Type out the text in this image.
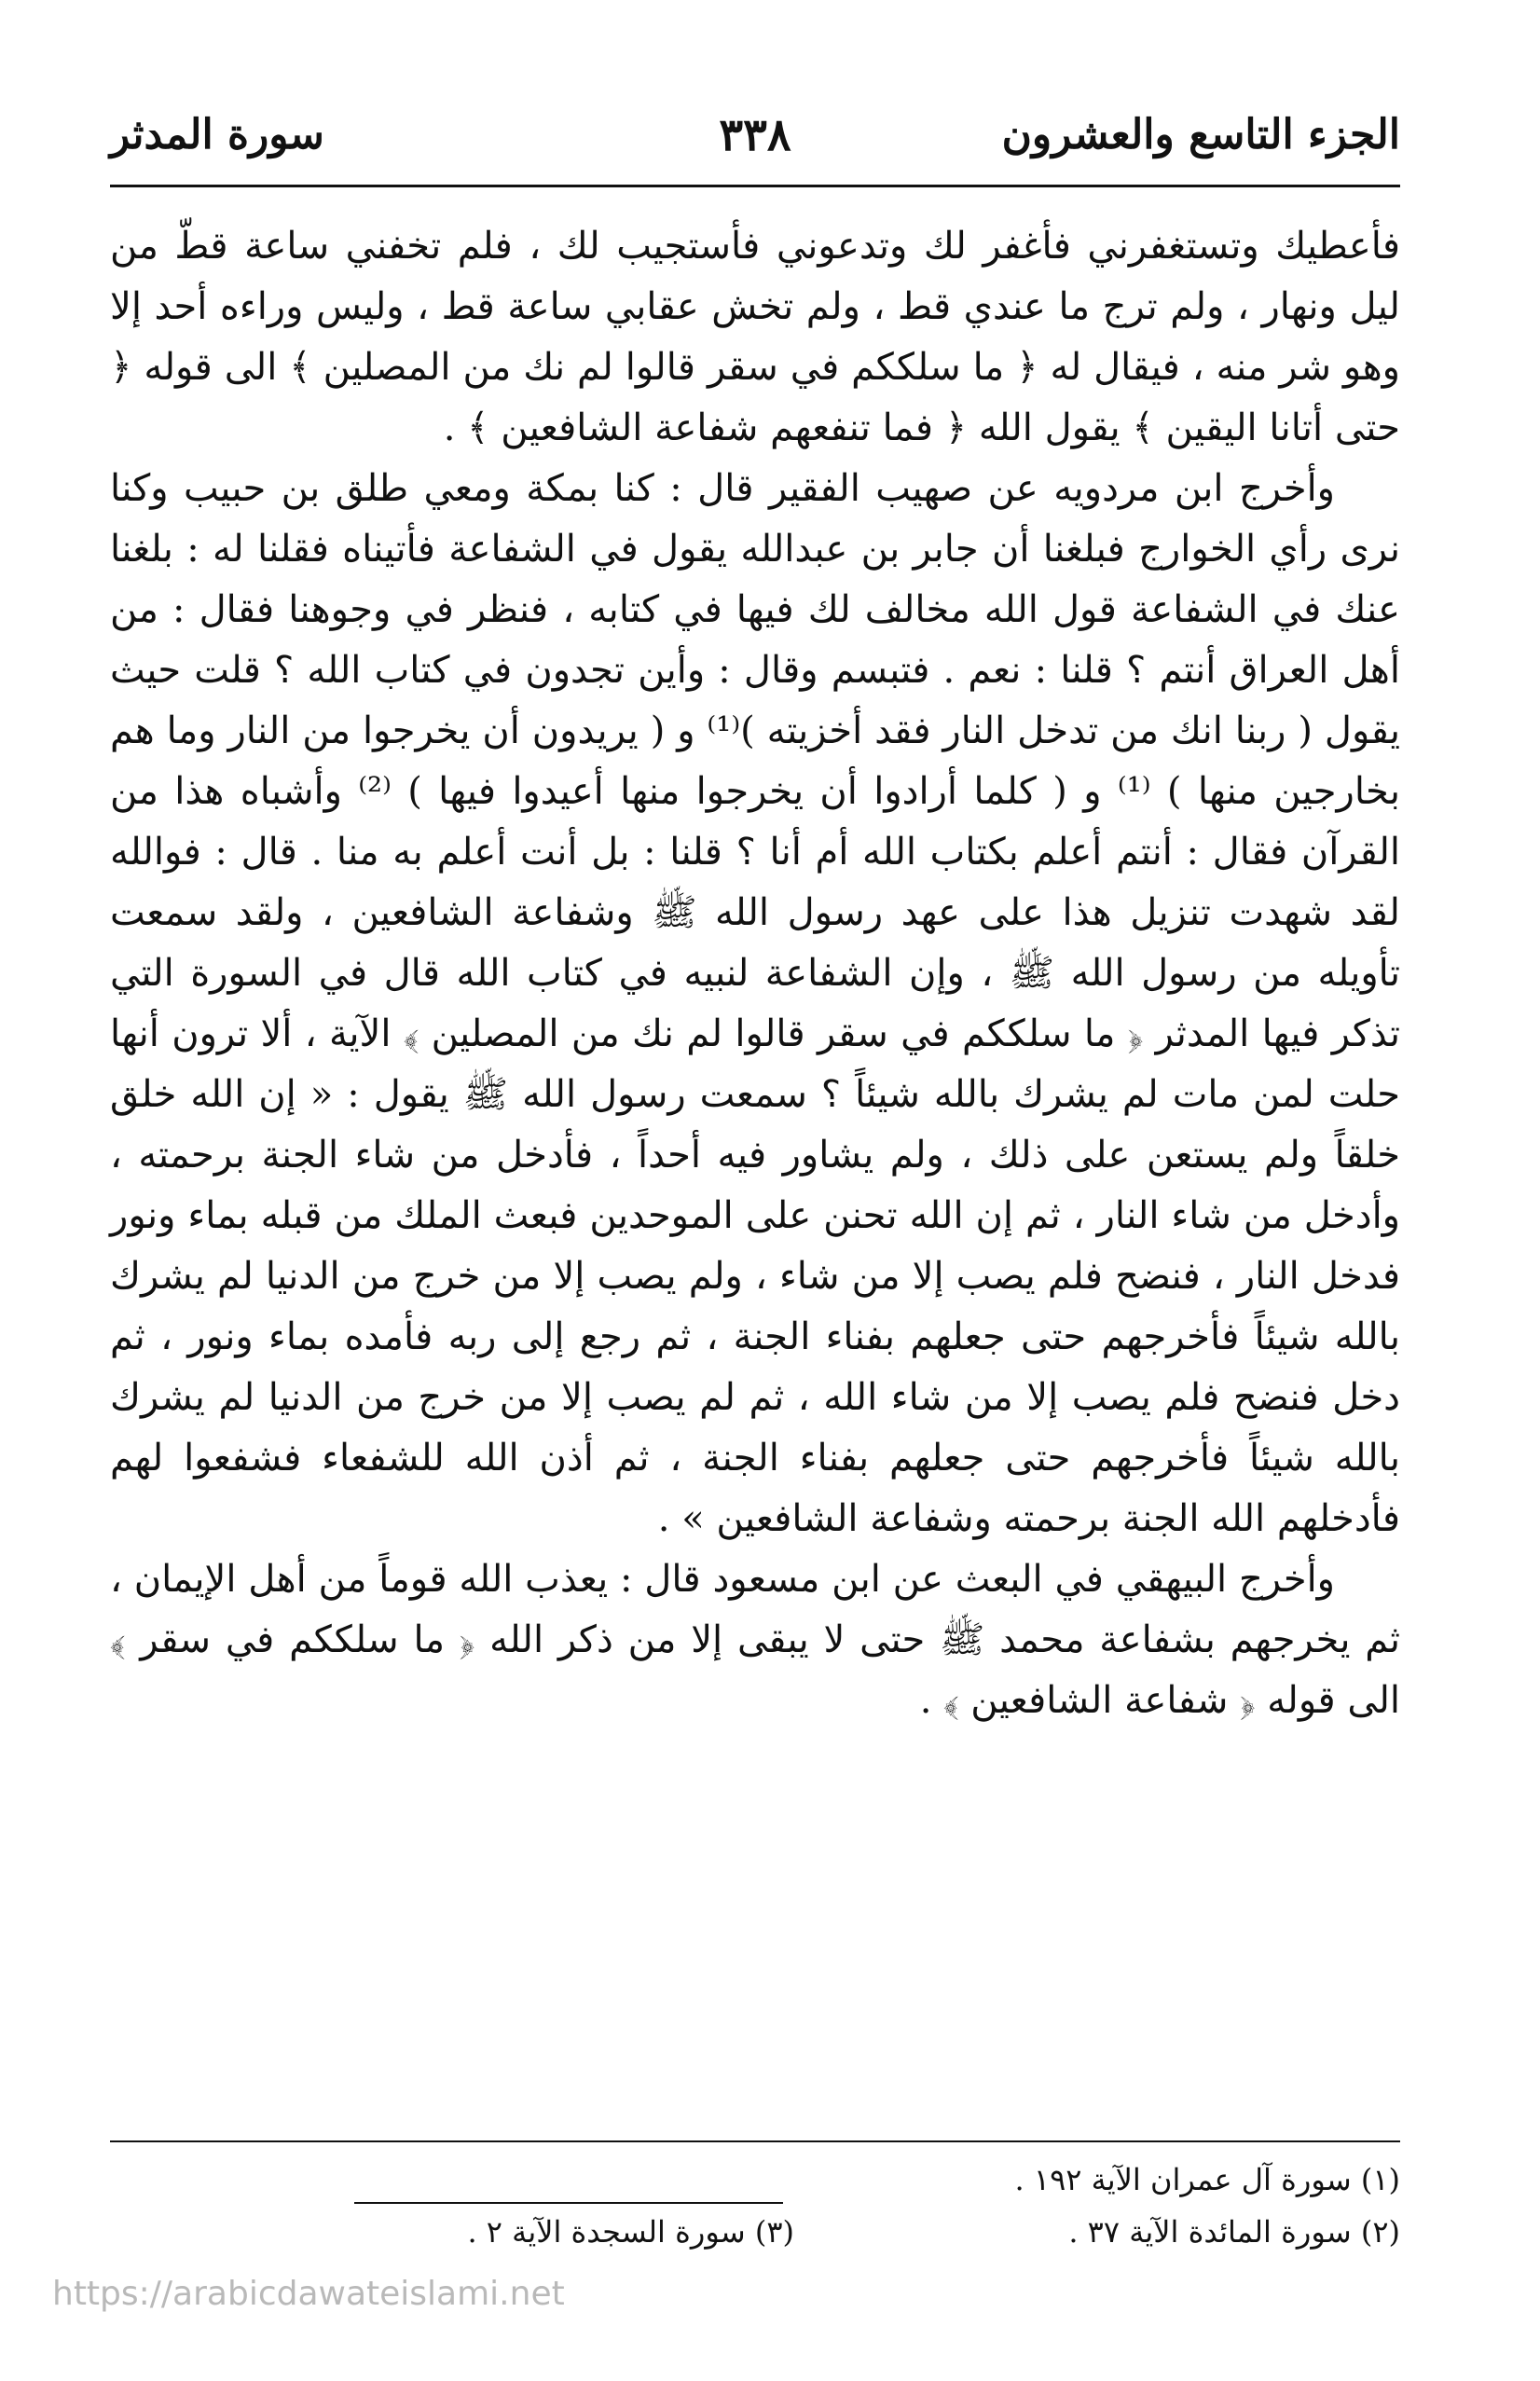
الجزء التاسع والعشرون
٣٣٨
سورة المدثر

فأعطيك وتستغفرني فأغفر لك وتدعوني فأستجيب لك ، فلم تخفني ساعة قطّ من ليل ونهار ، ولم ترج ما عندي قط ، ولم تخش عقابي ساعة قط ، وليس وراءه أحد إلا وهو شر منه ، فيقال له ﴿ ما سلككم في سقر قالوا لم نك من المصلين ﴾ الى قوله ﴿ حتى أتانا اليقين ﴾ يقول الله ﴿ فما تنفعهم شفاعة الشافعين ﴾ .

وأخرج ابن مردويه عن صهيب الفقير قال : كنا بمكة ومعي طلق بن حبيب وكنا نرى رأي الخوارج فبلغنا أن جابر بن عبدالله يقول في الشفاعة فأتيناه فقلنا له : بلغنا عنك في الشفاعة قول الله مخالف لك فيها في كتابه ، فنظر في وجوهنا فقال : من أهل العراق أنتم ؟ قلنا : نعم . فتبسم وقال : وأين تجدون في كتاب الله ؟ قلت حيث يقول ( ربنا انك من تدخل النار فقد أخزيته )⁽¹⁾ و ( يريدون أن يخرجوا من النار وما هم بخارجين منها ) ⁽¹⁾ و ( كلما أرادوا أن يخرجوا منها أعيدوا فيها ) ⁽²⁾ وأشباه هذا من القرآن فقال : أنتم أعلم بكتاب الله أم أنا ؟ قلنا : بل أنت أعلم به منا . قال : فوالله لقد شهدت تنزيل هذا على عهد رسول الله ﷺ وشفاعة الشافعين ، ولقد سمعت تأويله من رسول الله ﷺ ، وإن الشفاعة لنبيه في كتاب الله قال في السورة التي تذكر فيها المدثر ﴿ ما سلككم في سقر قالوا لم نك من المصلين ﴾ الآية ، ألا ترون أنها حلت لمن مات لم يشرك بالله شيئاً ؟ سمعت رسول الله ﷺ يقول : « إن الله خلق خلقاً ولم يستعن على ذلك ، ولم يشاور فيه أحداً ، فأدخل من شاء الجنة برحمته ، وأدخل من شاء النار ، ثم إن الله تحنن على الموحدين فبعث الملك من قبله بماء ونور فدخل النار ، فنضح فلم يصب إلا من شاء ، ولم يصب إلا من خرج من الدنيا لم يشرك بالله شيئاً فأخرجهم حتى جعلهم بفناء الجنة ، ثم رجع إلى ربه فأمده بماء ونور ، ثم دخل فنضح فلم يصب إلا من شاء الله ، ثم لم يصب إلا من خرج من الدنيا لم يشرك بالله شيئاً فأخرجهم حتى جعلهم بفناء الجنة ، ثم أذن الله للشفعاء فشفعوا لهم فأدخلهم الله الجنة برحمته وشفاعة الشافعين » .

وأخرج البيهقي في البعث عن ابن مسعود قال : يعذب الله قوماً من أهل الإيمان ، ثم يخرجهم بشفاعة محمد ﷺ حتى لا يبقى إلا من ذكر الله ﴿ ما سلككم في سقر ﴾ الى قوله ﴿ شفاعة الشافعين ﴾ .

(١) سورة آل عمران الآية ١٩٢ .
(٢) سورة المائدة الآية ٣٧ .
(٣) سورة السجدة الآية ٢ .
https://arabicdawateislami.net
